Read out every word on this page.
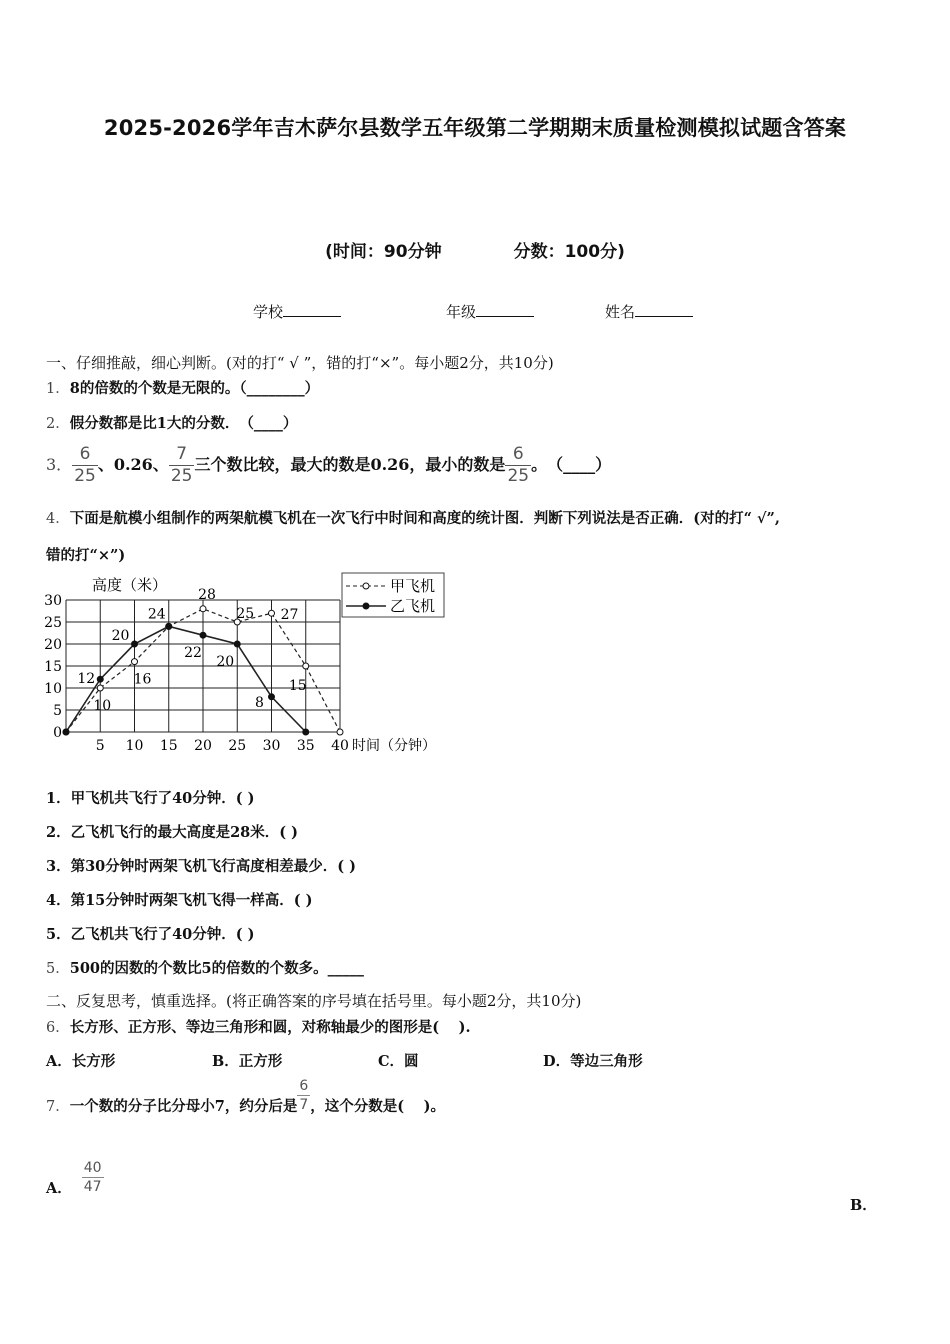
2025-2026学年吉木萨尔县数学五年级第二学期期末质量检测模拟试题含答案
(时间：90分钟	分数：100分)
学校	年级	姓名
一、仔细推敲，细心判断。(对的打“ √ ”，错的打“×”。每小题2分，共10分)
1．8的倍数的个数是无限的。（________）
2．假分数都是比1大的分数．　（____）
3． $\frac{6}{25}$ 、0.26、 $\frac{7}{25}$ 三个数比较，最大的数是0.26，最小的数是 $\frac{6}{25}$ 。　（____）
4．下面是航模小组制作的两架航模飞机在一次飞行中时间和高度的统计图．判断下列说法是否正确．(对的打“ √”,
错的打“×”)
0
5
10
15
20
25
30
5 10 15 20 25 30 35 40
高度（米）
时间（分钟）
10
16
28
25 27
15
12
20
24
22
20
8
甲飞机
乙飞机
1．甲飞机共飞行了40分钟．( )
2．乙飞机飞行的最大高度是28米．( )
3．第30分钟时两架飞机飞行高度相差最少．( )
4．第15分钟时两架飞机飞得一样高．( )
5．乙飞机共飞行了40分钟．( )
5．500的因数的个数比5的倍数的个数多。_____
二、反复思考，慎重选择。(将正确答案的序号填在括号里。每小题2分，共10分)
6．长方形、正方形、等边三角形和圆，对称轴最少的图形是(　 ).
A．长方形	B．正方形	C．圆	D．等边三角形
7．一个数的分子比分母小7，约分后是 $\frac{6}{7}$ ，这个分数是(　 )。
A． $\frac{40}{47}$
B．
